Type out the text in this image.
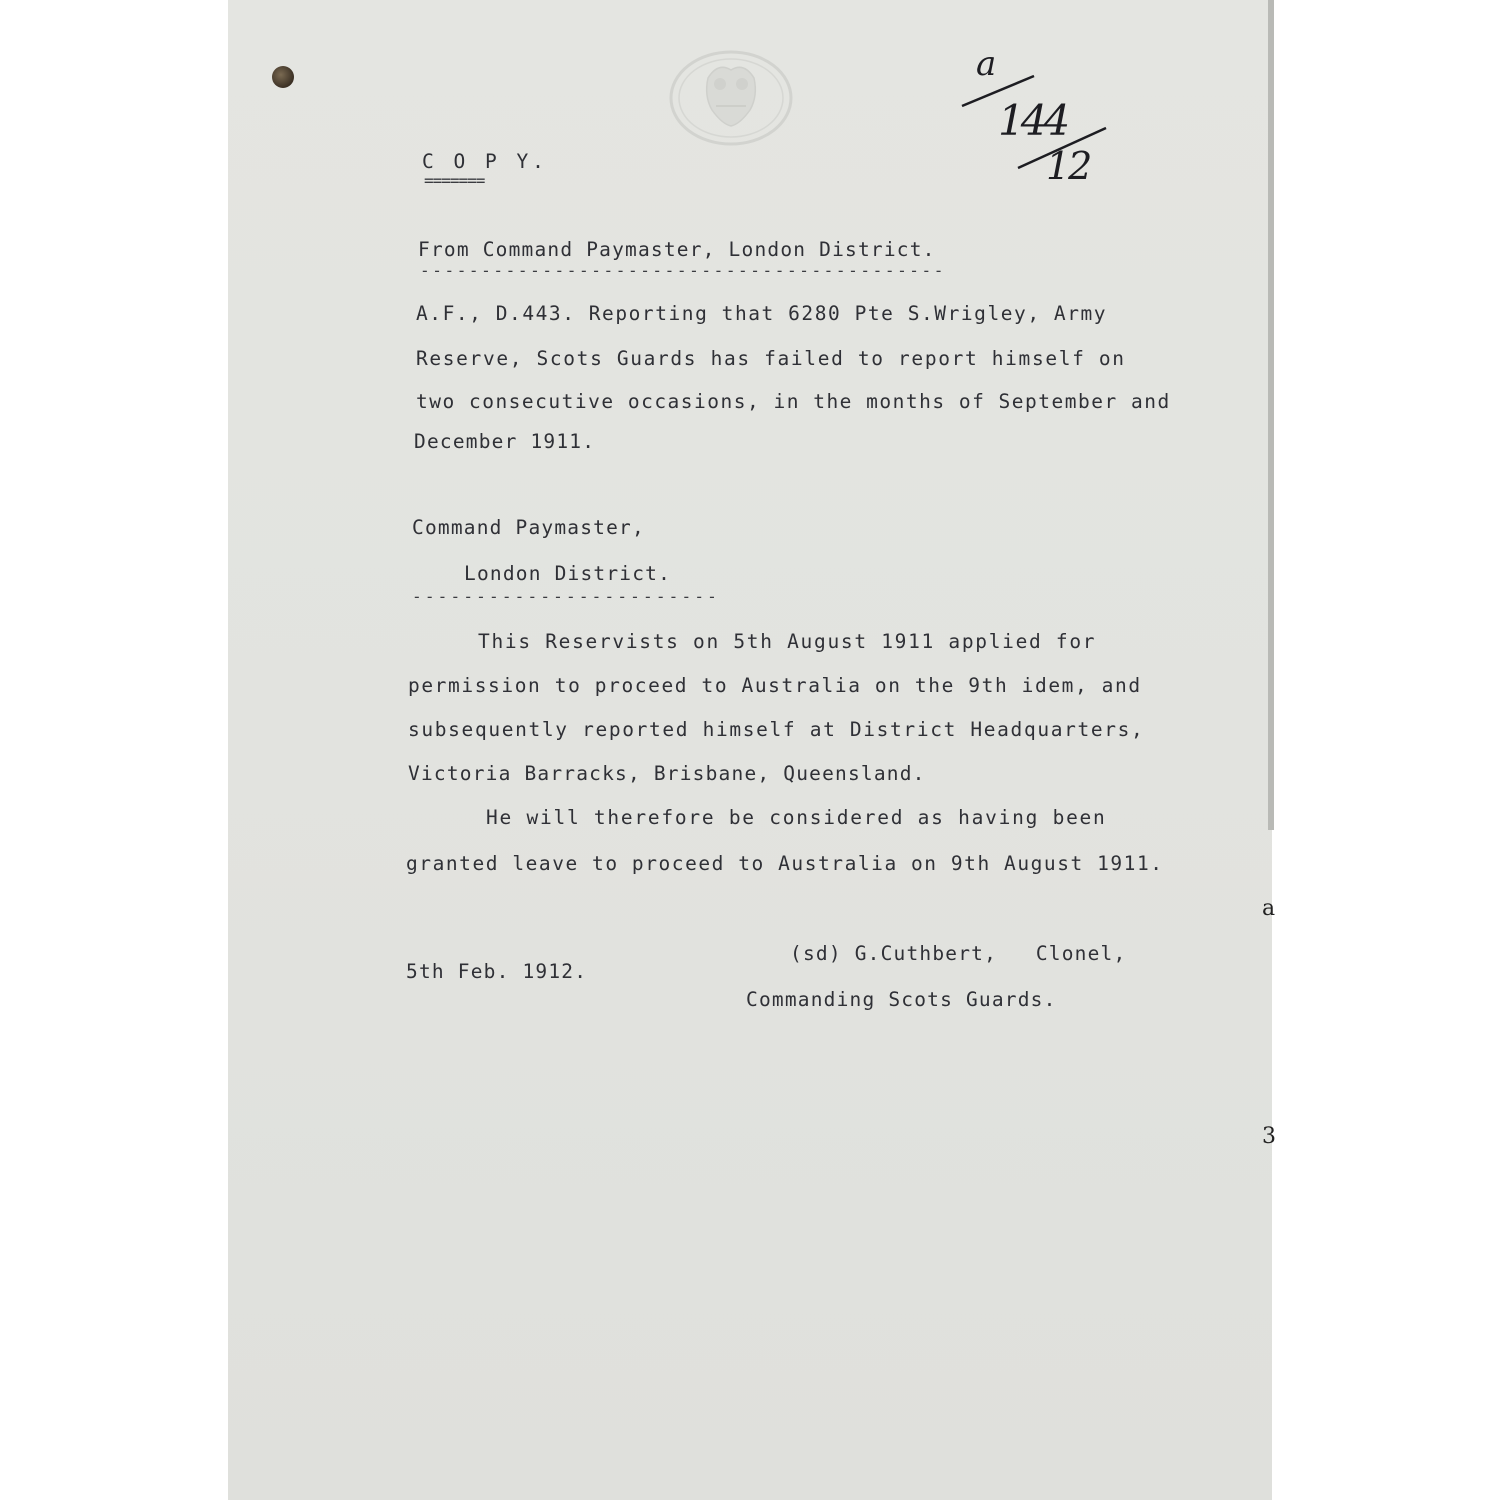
a

144

12

C O P Y.

=======

From Command Paymaster, London District.

-------------------------------------------

A.F., D.443. Reporting that 6280 Pte S.Wrigley, Army

Reserve, Scots Guards has failed to report himself on

two consecutive occasions, in the months of September and

December 1911.

Command Paymaster,

London District.

------------------------

This Reservists on 5th August 1911 applied for

permission to proceed to Australia on the 9th idem, and

subsequently reported himself at District Headquarters,

Victoria Barracks, Brisbane, Queensland.

He will therefore be considered as having been

granted leave to proceed to Australia on 9th August 1911.

5th Feb. 1912.

(sd) G.Cuthbert,   Clonel,

Commanding Scots Guards.

a

3
